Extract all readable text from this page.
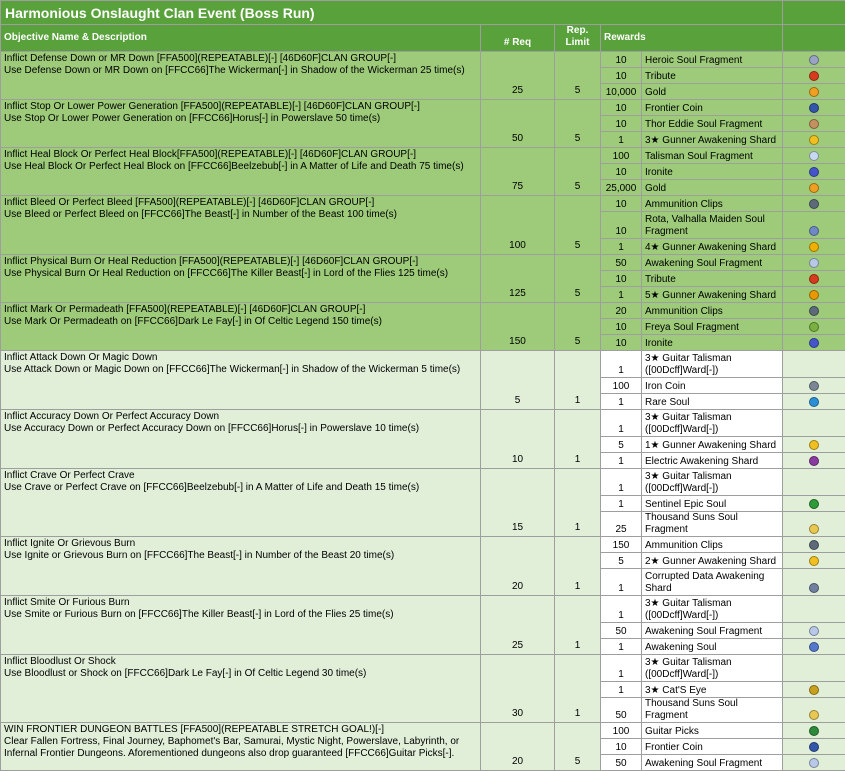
Harmonious Onslaught Clan Event (Boss Run)					
Objective Name & Description	# Req	Rep. Limit	Rewards		

Inflict Defense Down or MR Down [FFA500](REPEATABLE)[-] [46D60F]CLAN GROUP[-]
Use Defense Down or MR Down on [FFCC66]The Wickerman[-] in Shadow of the Wickerman 25 time(s)	25	5	10	Heroic Soul Fragment	
			10	Tribute	
			10,000	Gold	

Inflict Stop Or Lower Power Generation [FFA500](REPEATABLE)[-] [46D60F]CLAN GROUP[-]
Use Stop Or Lower Power Generation on [FFCC66]Horus[-] in Powerslave 50 time(s)	50	5	10	Frontier Coin	
			10	Thor Eddie Soul Fragment	
			1	3★ Gunner Awakening Shard	

Inflict Heal Block Or Perfect Heal Block[FFA500](REPEATABLE)[-] [46D60F]CLAN GROUP[-]
Use Heal Block Or Perfect Heal Block on [FFCC66]Beelzebub[-] in A Matter of Life and Death 75 time(s)	75	5	100	Talisman Soul Fragment	
			10	Ironite	
			25,000	Gold	

Inflict Bleed Or Perfect Bleed [FFA500](REPEATABLE)[-] [46D60F]CLAN GROUP[-]
Use Bleed or Perfect Bleed on [FFCC66]The Beast[-] in Number of the Beast 100 time(s)	100	5	10	Ammunition Clips	
			10	Rota, Valhalla Maiden Soul Fragment	
			1	4★ Gunner Awakening Shard	

Inflict Physical Burn Or Heal Reduction [FFA500](REPEATABLE)[-] [46D60F]CLAN GROUP[-]
Use Physical Burn Or Heal Reduction on [FFCC66]The Killer Beast[-] in Lord of the Flies 125 time(s)	125	5	50	Awakening Soul Fragment	
			10	Tribute	
			1	5★ Gunner Awakening Shard	

Inflict Mark Or Permadeath [FFA500](REPEATABLE)[-] [46D60F]CLAN GROUP[-]
Use Mark Or Permadeath on [FFCC66]Dark Le Fay[-] in Of Celtic Legend 150 time(s)	150	5	20	Ammunition Clips	
			10	Freya Soul Fragment	
			10	Ironite	

Inflict Attack Down Or Magic Down
Use Attack Down or Magic Down on [FFCC66]The Wickerman[-] in Shadow of the Wickerman 5 time(s)	5	1	1	3★ Guitar Talisman ([00Dcff]Ward[-])	
			100	Iron Coin	
			1	Rare Soul	

Inflict Accuracy Down Or Perfect Accuracy Down
Use Accuracy Down or Perfect Accuracy Down on [FFCC66]Horus[-] in Powerslave 10 time(s)	10	1	1	3★ Guitar Talisman ([00Dcff]Ward[-])	
			5	1★ Gunner Awakening Shard	
			1	Electric Awakening Shard	

Inflict Crave Or Perfect Crave
Use Crave or Perfect Crave on [FFCC66]Beelzebub[-] in A Matter of Life and Death 15 time(s)	15	1	1	3★ Guitar Talisman ([00Dcff]Ward[-])	
			1	Sentinel Epic Soul	
			25	Thousand Suns Soul Fragment	

Inflict Ignite Or Grievous Burn
Use Ignite or Grievous Burn on [FFCC66]The Beast[-] in Number of the Beast 20 time(s)	20	1	150	Ammunition Clips	
			5	2★ Gunner Awakening Shard	
			1	Corrupted Data Awakening Shard	

Inflict Smite Or Furious Burn
Use Smite or Furious Burn on [FFCC66]The Killer Beast[-] in Lord of the Flies 25 time(s)	25	1	1	3★ Guitar Talisman ([00Dcff]Ward[-])	
			50	Awakening Soul Fragment	
			1	Awakening Soul	

Inflict Bloodlust Or Shock
Use Bloodlust or Shock on [FFCC66]Dark Le Fay[-] in Of Celtic Legend 30 time(s)	30	1	1	3★ Guitar Talisman ([00Dcff]Ward[-])	
			1	3★ Cat'S Eye	
			50	Thousand Suns Soul Fragment	

WIN FRONTIER DUNGEON BATTLES [FFA500](REPEATABLE STRETCH GOAL!)[-]
Clear Fallen Fortress, Final Journey, Baphomet's Bar, Samurai, Mystic Night, Powerslave, Labyrinth, or
Infernal Frontier Dungeons. Aforementioned dungeons also drop guaranteed [FFCC66]Guitar Picks[-].	20	5	100	Guitar Picks	
			10	Frontier Coin	
			50	Awakening Soul Fragment	
